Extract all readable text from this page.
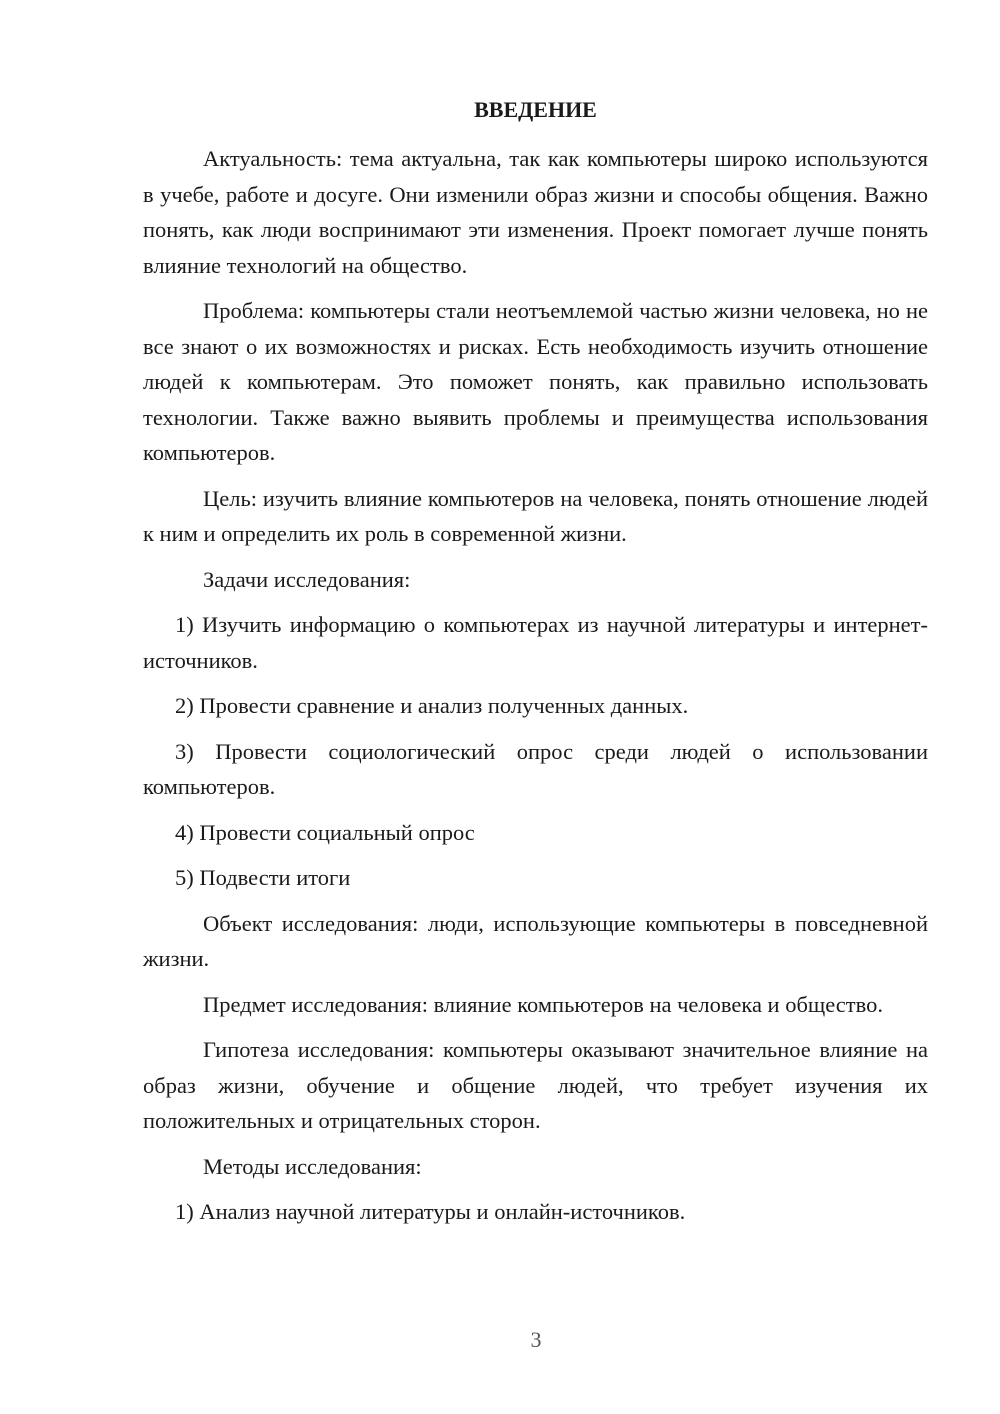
ВВЕДЕНИЕ

Актуальность: тема актуальна, так как компьютеры широко используются в учебе, работе и досуге. Они изменили образ жизни и способы общения. Важно понять, как люди воспринимают эти изменения. Проект помогает лучше понять влияние технологий на общество.

Проблема: компьютеры стали неотъемлемой частью жизни человека, но не все знают о их возможностях и рисках. Есть необходимость изучить отношение людей к компьютерам. Это поможет понять, как правильно использовать технологии. Также важно выявить проблемы и преимущества использования компьютеров.

Цель: изучить влияние компьютеров на человека, понять отношение людей к ним и определить их роль в современной жизни.

Задачи исследования:

1) Изучить информацию о компьютерах из научной литературы и интернет-источников.

2) Провести сравнение и анализ полученных данных.

3) Провести социологический опрос среди людей о использовании компьютеров.

4) Провести социальный опрос

5) Подвести итоги

Объект исследования: люди, использующие компьютеры в повседневной жизни.

Предмет исследования: влияние компьютеров на человека и общество.

Гипотеза исследования: компьютеры оказывают значительное влияние на образ жизни, обучение и общение людей, что требует изучения их положительных и отрицательных сторон.

Методы исследования:

1) Анализ научной литературы и онлайн-источников.

3
